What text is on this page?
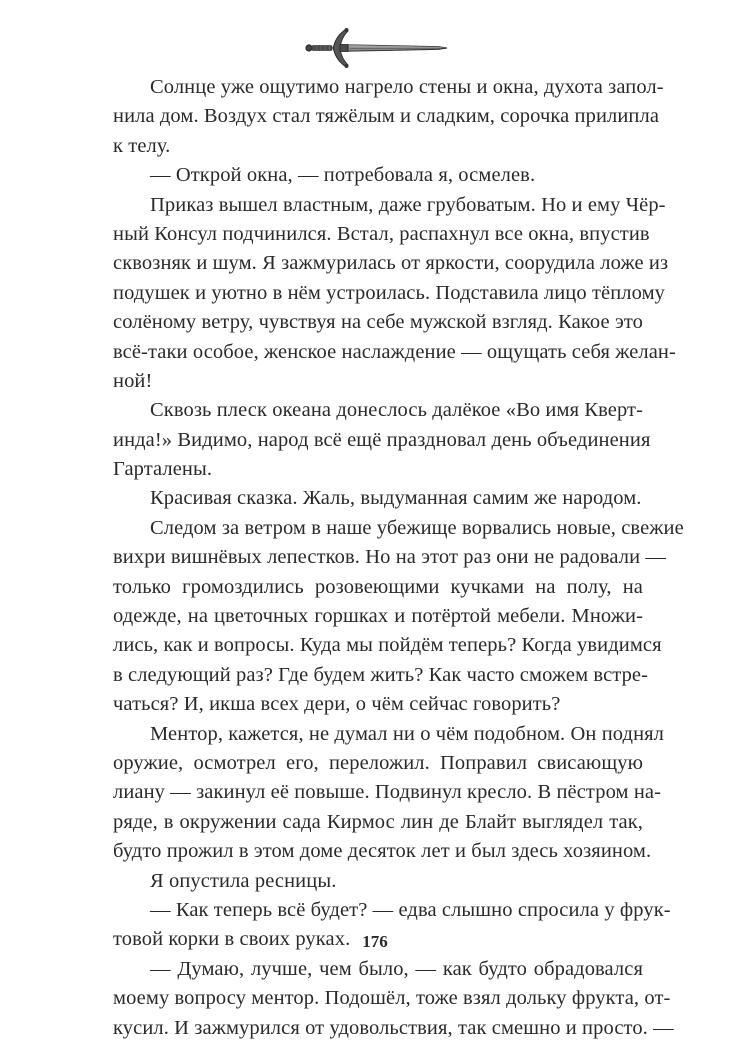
Солнце уже ощутимо нагрело стены и окна, духота запол-
нила дом. Воздух стал тяжёлым и сладким, сорочка прилипла
к телу.
— Открой окна, — потребовала я, осмелев.
Приказ вышел властным, даже грубоватым. Но и ему Чёр-
ный Консул подчинился. Встал, распахнул все окна, впустив
сквозняк и шум. Я зажмурилась от яркости, соорудила ложе из
подушек и уютно в нём устроилась. Подставила лицо тёплому
солёному ветру, чувствуя на себе мужской взгляд. Какое это
всё-таки особое, женское наслаждение — ощущать себя желан-
ной!
Сквозь плеск океана донеслось далёкое «Во имя Кверт-
инда!» Видимо, народ всё ещё праздновал день объединения
Гарталены.
Красивая сказка. Жаль, выдуманная самим же народом.
Следом за ветром в наше убежище ворвались новые, свежие
вихри вишнёвых лепестков. Но на этот раз они не радовали —
только громоздились розовеющими кучками на полу, на
одежде, на цветочных горшках и потёртой мебели. Множи-
лись, как и вопросы. Куда мы пойдём теперь? Когда увидимся
в следующий раз? Где будем жить? Как часто сможем встре-
чаться? И, икша всех дери, о чём сейчас говорить?
Ментор, кажется, не думал ни о чём подобном. Он поднял
оружие, осмотрел его, переложил. Поправил свисающую
лиану — закинул её повыше. Подвинул кресло. В пёстром на-
ряде, в окружении сада Кирмос лин де Блайт выглядел так,
будто прожил в этом доме десяток лет и был здесь хозяином.
Я опустила ресницы.
— Как теперь всё будет? — едва слышно спросила у фрук-
товой корки в своих руках.
— Думаю, лучше, чем было, — как будто обрадовался
моему вопросу ментор. Подошёл, тоже взял дольку фрукта, от-
кусил. И зажмурился от удовольствия, так смешно и просто. —
176
